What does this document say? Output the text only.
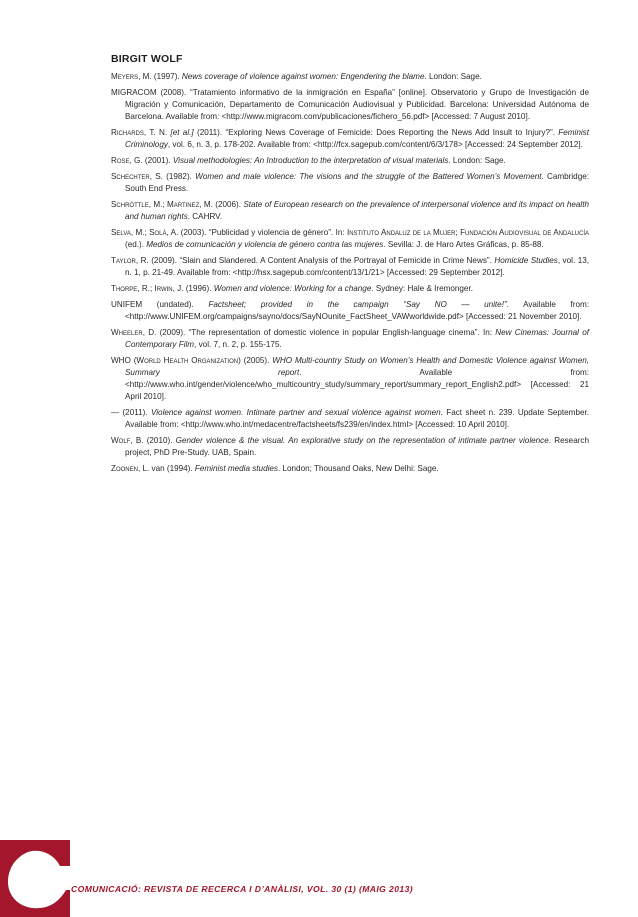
BIRGIT WOLF
Meyers, M. (1997). News coverage of violence against women: Engendering the blame. London: Sage.
MIGRACOM (2008). “Tratamiento informativo de la inmigración en España” [online]. Observatorio y Grupo de Investigación de Migración y Comunicación, Departamento de Comunicación Audiovisual y Publicidad. Barcelona: Universidad Autónoma de Barcelona. Available from: <http://www.migracom.com/publicaciones/fichero_56.pdf> [Accessed: 7 August 2010].
Richards, T. N. [et al.] (2011). “Exploring News Coverage of Femicide: Does Reporting the News Add Insult to Injury?”. Feminist Criminology, vol. 6, n. 3, p. 178-202. Available from: <http://fcx.sagepub.com/content/6/3/178> [Accessed: 24 September 2012].
Rose, G. (2001). Visual methodologies: An Introduction to the interpretation of visual materials. London: Sage.
Schechter, S. (1982). Women and male violence: The visions and the struggle of the Battered Women’s Movement. Cambridge: South End Press.
Schröttle, M.; Martinez, M. (2006). State of European research on the prevalence of interpersonal violence and its impact on health and human rights. CAHRV.
Selva, M.; Solà, A. (2003). “Publicidad y violencia de género”. In: Instituto Andaluz de la Mujer; Fundación Audiovisual de Andalucía (ed.). Medios de comunicación y violencia de género contra las mujeres. Sevilla: J. de Haro Artes Gráficas, p. 85-88.
Taylor, R. (2009). “Slain and Slandered. A Content Analysis of the Portrayal of Femicide in Crime News”. Homicide Studies, vol. 13, n. 1, p. 21-49. Available from: <http://hsx.sagepub.com/content/13/1/21> [Accessed: 29 September 2012].
Thorpe, R.; Irwin, J. (1996). Women and violence: Working for a change. Sydney: Hale & Iremonger.
UNIFEM (undated). Factsheet; provided in the campaign “Say NO — unite!”. Available from: <http://www.UNIFEM.org/campaigns/sayno/docs/SayNOunite_FactSheet_VAWworldwide.pdf> [Accessed: 21 November 2010].
Wheeler, D. (2009). “The representation of domestic violence in popular English-language cinema”. In: New Cinemas: Journal of Contemporary Film, vol. 7, n. 2, p. 155-175.
WHO (World Health Organization) (2005). WHO Multi-country Study on Women’s Health and Domestic Violence against Women, Summary report. Available from: <http://www.who.int/gender/violence/who_multicountry_study/summary_report/summary_report_English2.pdf> [Accessed: 21 April 2010].
— (2011). Violence against women. Intimate partner and sexual violence against women. Fact sheet n. 239. Update September. Available from: <http://www.who.int/medacentre/factsheets/fs239/en/index.html> [Accessed: 10 April 2010].
Wolf, B. (2010). Gender violence & the visual. An explorative study on the representation of intimate partner violence. Research project, PhD Pre-Study. UAB, Spain.
Zoonen, L. van (1994). Feminist media studies. London; Thousand Oaks, New Delhi: Sage.
216
COMUNICACIÓ: REVISTA DE RECERCA I D’ANÀLISI, VOL. 30 (1) (MAIG 2013)
